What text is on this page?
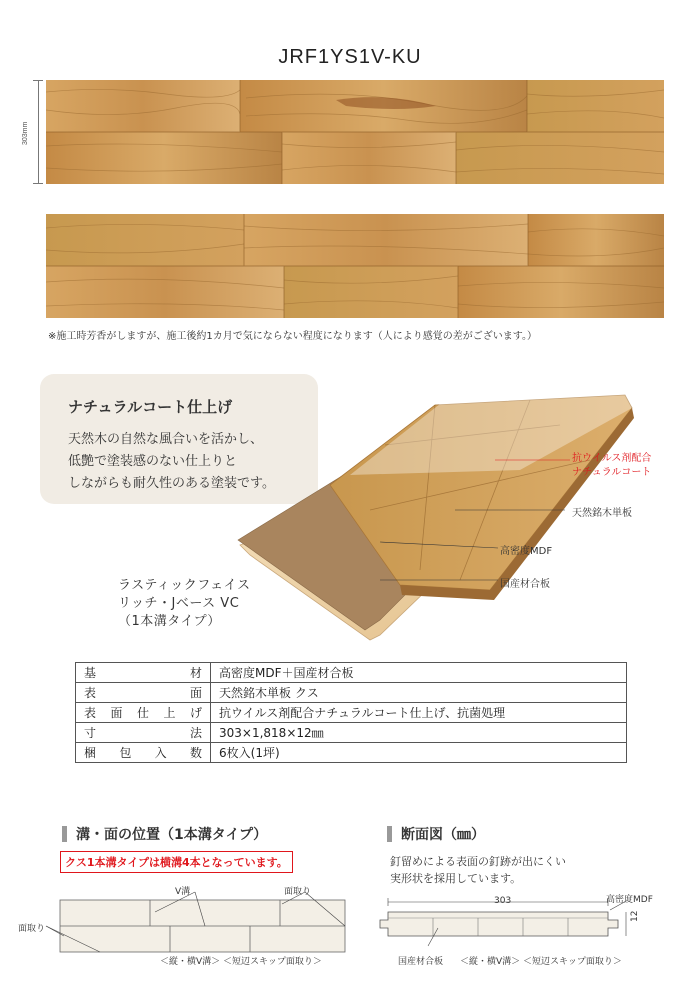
JRF1YS1V-KU
303mm
※施工時芳香がしますが、施工後約1カ月で気にならない程度になります（人により感覚の差がございます。）
ナチュラルコート仕上げ
天然木の自然な風合いを活かし、
低艶で塗装感のない仕上りと
しながらも耐久性のある塗装です。
抗ウイルス剤配合
ナチュラルコート
天然銘木単板
高密度MDF
国産材合板
ラスティックフェイス
リッチ・Jベース VC
（1本溝タイプ）
基材	高密度MDF＋国産材合板
表面	天然銘木単板 クス
表面仕上げ	抗ウイルス剤配合ナチュラルコート仕上げ、抗菌処理
寸法	303×1,818×12㎜
梱包入数	6枚入(1坪)
溝・面の位置（1本溝タイプ）
クス1本溝タイプは横溝4本となっています。
V溝	面取り
面取り
＜縦・横V溝＞ ＜短辺スキップ面取り＞
断面図（㎜）
釘留めによる表面の釘跡が出にくい
実形状を採用しています。
303
12
高密度MDF
国産材合板 ＜縦・横V溝＞ ＜短辺スキップ面取り＞
